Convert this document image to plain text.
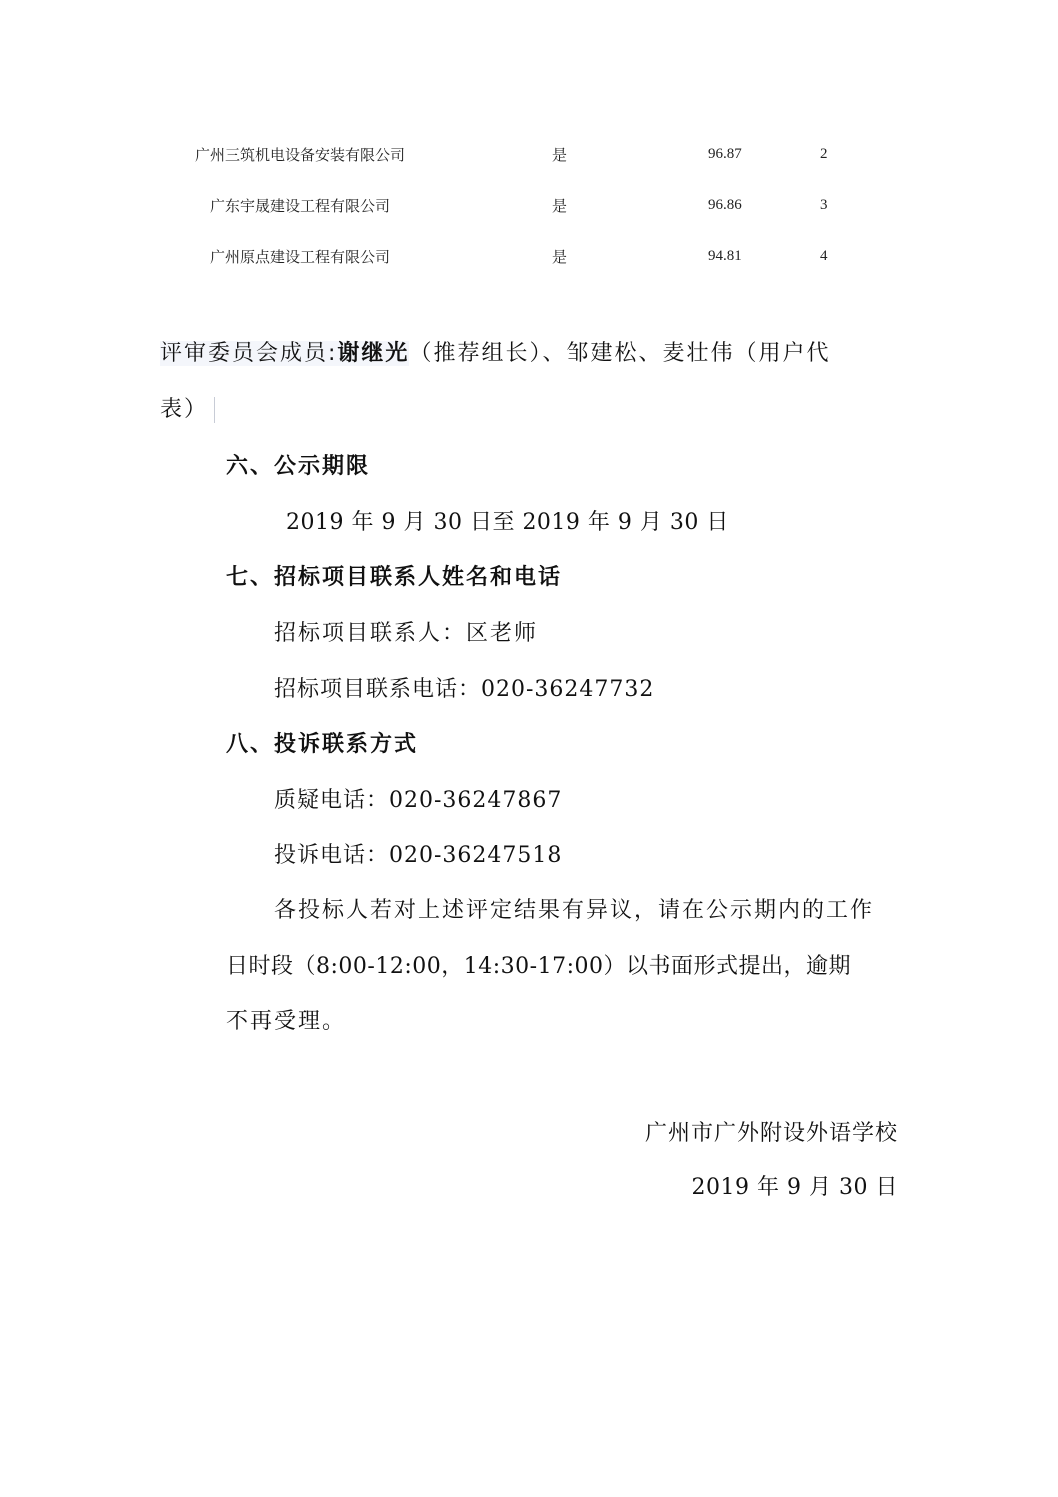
广州三筑机电设备安装有限公司	是	96.87	2
广东宇晟建设工程有限公司	是	96.86	3
广州原点建设工程有限公司	是	94.81	4
评审委员会成员:谢继光（推荐组长）、邹建松、麦壮伟（用户代
表）
六、公示期限
2019 年 9 月 30 日至 2019 年 9 月 30 日
七、招标项目联系人姓名和电话
招标项目联系人：区老师
招标项目联系电话：020-36247732
八、投诉联系方式
质疑电话：020-36247867
投诉电话：020-36247518
各投标人若对上述评定结果有异议，请在公示期内的工作
日时段（8:00-12:00，14:30-17:00）以书面形式提出，逾期
不再受理。
广州市广外附设外语学校
2019 年 9 月 30 日
